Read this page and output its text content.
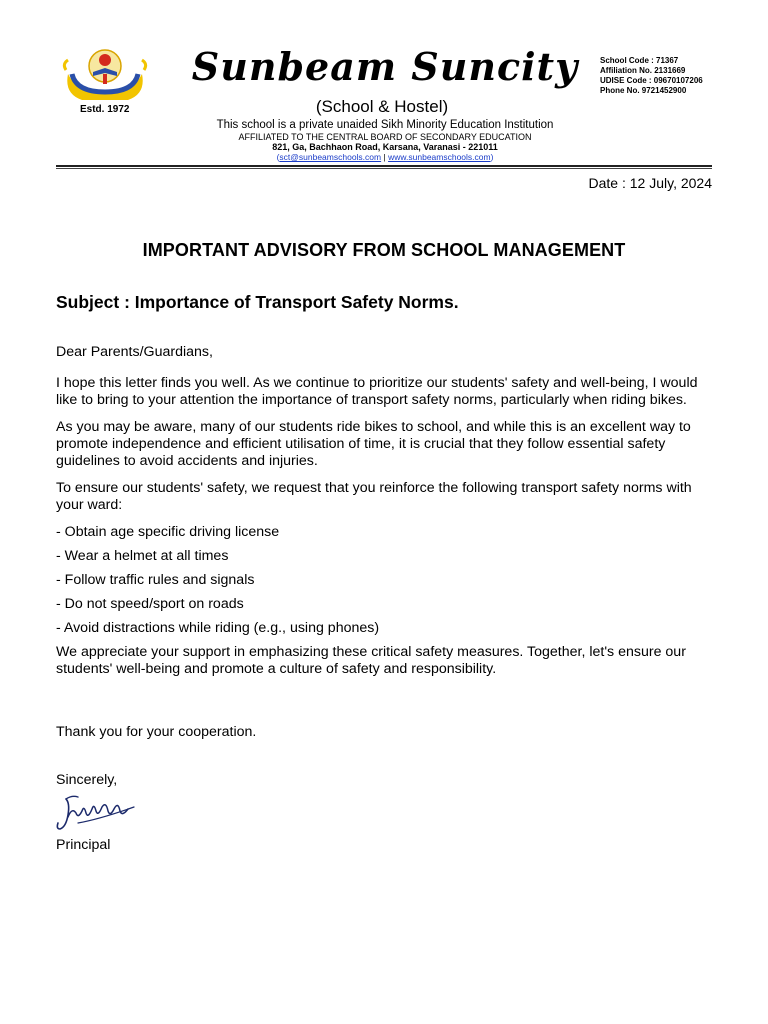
Estd. 1972
Sunbeam Suncity
(School & Hostel)
This school is a private unaided Sikh Minority Education Institution
AFFILIATED TO THE CENTRAL BOARD OF SECONDARY EDUCATION
821, Ga, Bachhaon Road, Karsana, Varanasi - 221011
(sct@sunbeamschools.com | www.sunbeamschools.com)
School Code : 71367
Affiliation No. 2131669
UDISE Code : 09670107206
Phone No. 9721452900
Date : 12 July, 2024
IMPORTANT ADVISORY FROM SCHOOL MANAGEMENT
Subject : Importance of Transport Safety Norms.

Dear Parents/Guardians,

I hope this letter finds you well. As we continue to prioritize our students' safety and well-being, I would like to bring to your attention the importance of transport safety norms, particularly when riding bikes.

As you may be aware, many of our students ride bikes to school, and while this is an excellent way to promote independence and efficient utilisation of time, it is crucial that they follow essential safety guidelines to avoid accidents and injuries.

To ensure our students' safety, we request that you reinforce the following transport safety norms with your ward:

- Obtain age specific driving license

- Wear a helmet at all times

- Follow traffic rules and signals

- Do not speed/sport on roads

- Avoid distractions while riding (e.g., using phones)

We appreciate your support in emphasizing these critical safety measures. Together, let's ensure our students' well-being and promote a culture of safety and responsibility.

Thank you for your cooperation.

Sincerely,

Principal
